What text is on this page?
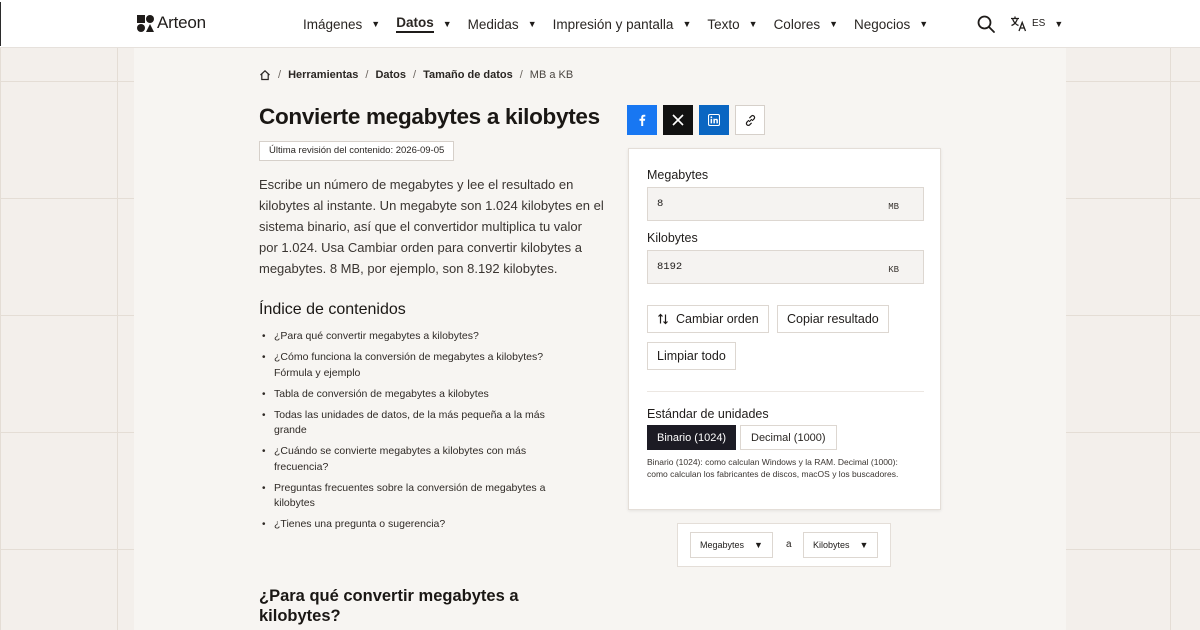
Arteon	Imágenes ▼ Datos ▼ Medidas ▼ Impresión y pantalla ▼ Texto ▼ Colores ▼ Negocios ▼	ES ▼
/ Herramientas / Datos / Tamaño de datos / MB a KB
Convierte megabytes a kilobytes
Última revisión del contenido: 2026-09-05

Escribe un número de megabytes y lee el resultado en kilobytes al instante. Un megabyte son 1.024 kilobytes en el sistema binario, así que el convertidor multiplica tu valor por 1.024. Usa Cambiar orden para convertir kilobytes a megabytes. 8 MB, por ejemplo, son 8.192 kilobytes.

Índice de contenidos
• ¿Para qué convertir megabytes a kilobytes?
• ¿Cómo funciona la conversión de megabytes a kilobytes? Fórmula y ejemplo
• Tabla de conversión de megabytes a kilobytes
• Todas las unidades de datos, de la más pequeña a la más grande
• ¿Cuándo se convierte megabytes a kilobytes con más frecuencia?
• Preguntas frecuentes sobre la conversión de megabytes a kilobytes
• ¿Tienes una pregunta o sugerencia?
¿Para qué convertir megabytes a kilobytes?
Megabytes
8	MB
Kilobytes
8192	KB
Cambiar orden Copiar resultado
Limpiar todo
Estándar de unidades
Binario (1024)	Decimal (1000)
Binario (1024): como calculan Windows y la RAM. Decimal (1000): como calculan los fabricantes de discos, macOS y los buscadores.
Megabytes ▼ a Kilobytes ▼
